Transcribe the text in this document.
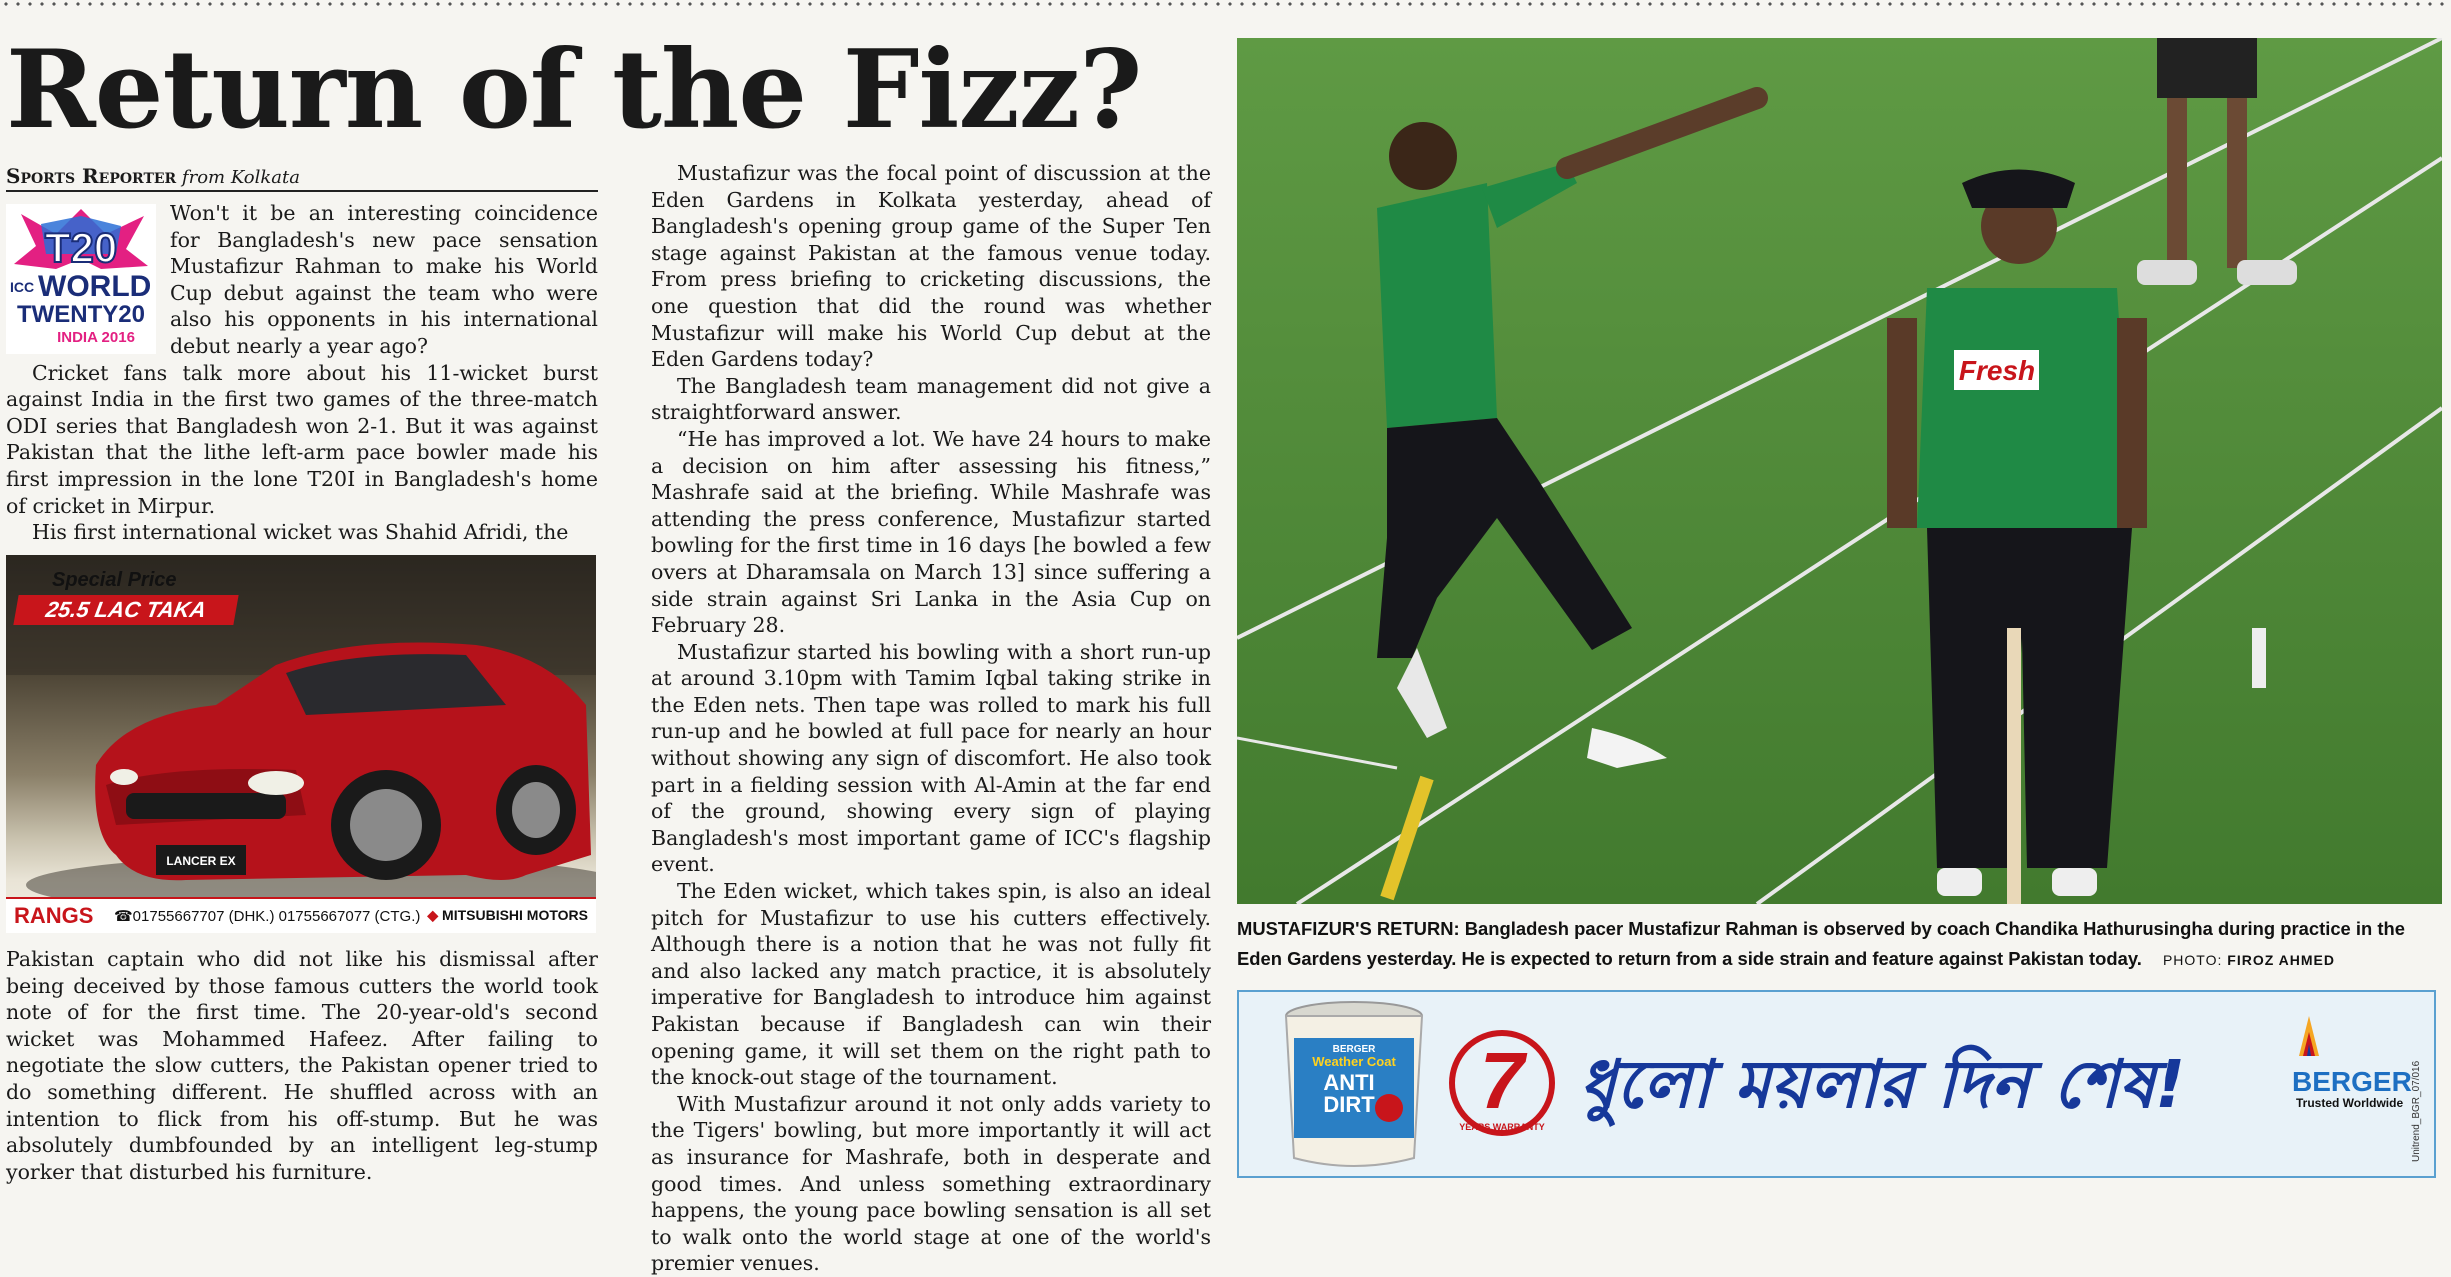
Return of the Fizz?
Sports Reporter from Kolkata
T20
ICC WORLD
TWENTY20
INDIA 2016

Won't it be an interesting coincidence for Bangladesh's new pace sensation Mustafizur Rahman to make his World Cup debut against the team who were also his opponents in his international debut nearly a year ago?

Cricket fans talk more about his 11-wicket burst against India in the first two games of the three-match ODI series that Bangladesh won 2-1. But it was against Pakistan that the lithe left-arm pace bowler made his first impression in the lone T20I in Bangladesh's home of cricket in Mirpur.

His first international wicket was Shahid Afridi, the

LANCER EX
Special Price
25.5 LAC TAKA
RANGS ☎01755667707 (DHK.) 01755667077 (CTG.) ◆ MITSUBISHI MOTORS

Pakistan captain who did not like his dismissal after being deceived by those famous cutters the world took note of for the first time. The 20-year-old's second wicket was Mohammed Hafeez. After failing to negotiate the slow cutters, the Pakistan opener tried to do something different. He shuffled across with an intention to flick from his off-stump. But he was absolutely dumbfounded by an intelligent leg-stump yorker that disturbed his furniture.

Mustafizur was the focal point of discussion at the Eden Gardens in Kolkata yesterday, ahead of Bangladesh's opening group game of the Super Ten stage against Pakistan at the famous venue today. From press briefing to cricketing discussions, the one question that did the round was whether Mustafizur will make his World Cup debut at the Eden Gardens today?

The Bangladesh team management did not give a straightforward answer.

“He has improved a lot. We have 24 hours to make a decision on him after assessing his fitness,” Mashrafe said at the briefing. While Mashrafe was attending the press conference, Mustafizur started bowling for the first time in 16 days [he bowled a few overs at Dharamsala on March 13] since suffering a side strain against Sri Lanka in the Asia Cup on February 28.

Mustafizur started his bowling with a short run-up at around 3.10pm with Tamim Iqbal taking strike in the Eden nets. Then tape was rolled to mark his full run-up and he bowled at full pace for nearly an hour without showing any sign of discomfort. He also took part in a fielding session with Al-Amin at the far end of the ground, showing every sign of playing Bangladesh's most important game of ICC's flagship event.

The Eden wicket, which takes spin, is also an ideal pitch for Mustafizur to use his cutters effectively. Although there is a notion that he was not fully fit and also lacked any match practice, it is absolutely imperative for Bangladesh to introduce him against Pakistan because if Bangladesh can win their opening game, it will set them on the right path to the knock-out stage of the tournament.

With Mustafizur around it not only adds variety to the Tigers' bowling, but more importantly it will act as insurance for Mashrafe, both in desperate and good times. And unless something extraordinary happens, the young pace bowling sensation is all set to walk onto the world stage at one of the world's premier venues.

Fresh
MUSTAFIZUR'S RETURN: Bangladesh pacer Mustafizur Rahman is observed by coach Chandika Hathurusingha during practice in the Eden Gardens yesterday. He is expected to return from a side strain and feature against Pakistan today. PHOTO: FIROZ AHMED
BERGER
Weather Coat
ANTI
DIRT 7
YEARS WARRANTY
ধুলো ময়লার দিন শেষ!	BERGER
Trusted Worldwide Unitrend_BGR_07/016
